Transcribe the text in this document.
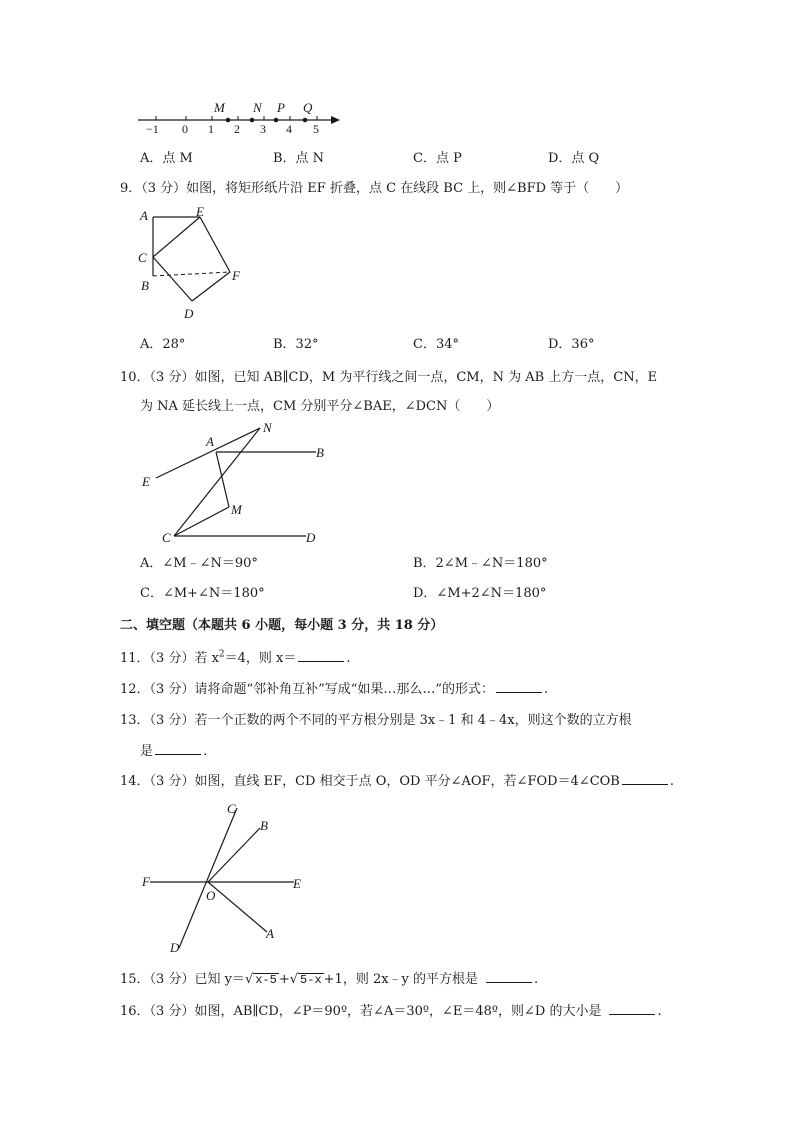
−1 0 1 2 3 4 5
M N P Q
A．点 M	B．点 N	C．点 P	D．点 Q
9．（3 分）如图，将矩形纸片沿 EF 折叠，点 C 在线段 BC 上，则∠BFD 等于（　　）
A	E
C
F
B
D
A．28°	B．32°	C．34°	D．36°
10．（3 分）如图，已知 AB∥CD，M 为平行线之间一点，CM，N 为 AB 上方一点，CN，E
为 NA 延长线上一点，CM 分别平分∠BAE，∠DCN（　　）
A
N
B
E
M
C	D
A．∠M﹣∠N＝90°	B．2∠M﹣∠N＝180°
C．∠M+∠N＝180°	D．∠M+2∠N＝180°
二、填空题（本题共 6 小题，每小题 3 分，共 18 分）
11．（3 分）若 $x^2=4$，则 x＝	.
12．（3 分）请将命题“邻补角互补”写成“如果…那么…”的形式：	.
13．（3 分）若一个正数的两个不同的平方根分别是 3x﹣1 和 4﹣4x，则这个数的立方根
是	.
14．（3 分）如图，直线 EF，CD 相交于点 O，OD 平分∠AOF，若∠FOD＝4∠COB	.
C
B
F	E
O
A
D
15．（3 分）已知 y＝√ x-5 +√ 5-x +1，则 2x﹣y 的平方根是	.
16．（3 分）如图，AB∥CD，∠P＝90º，若∠A＝30º，∠E＝48º，则∠D 的大小是	.
